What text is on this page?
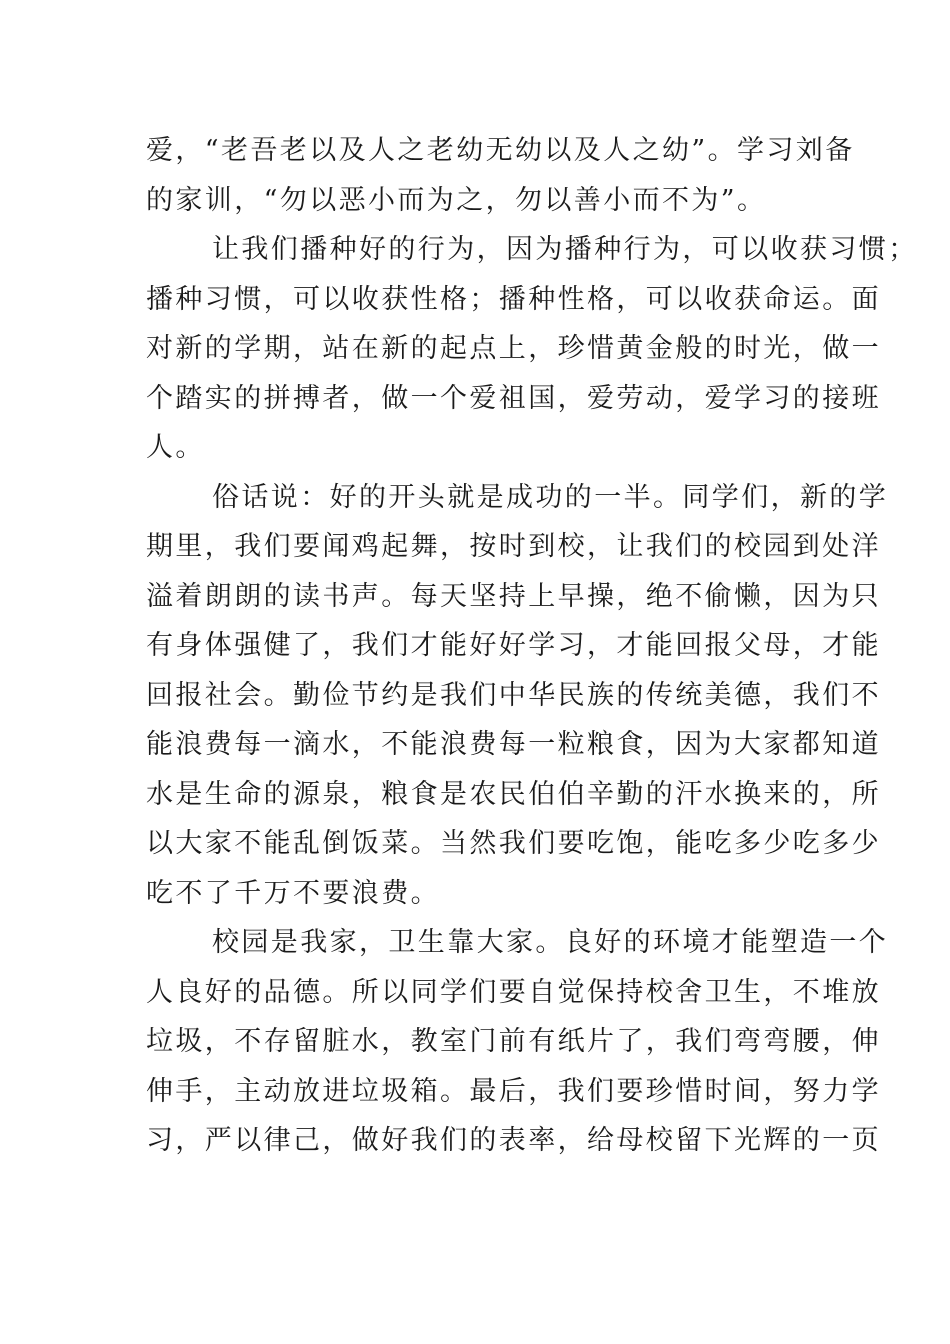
爱，“老吾老以及人之老幼无幼以及人之幼”。学习刘备
的家训，“勿以恶小而为之，勿以善小而不为”。
让我们播种好的行为，因为播种行为，可以收获习惯；
播种习惯，可以收获性格；播种性格，可以收获命运。面
对新的学期，站在新的起点上，珍惜黄金般的时光，做一
个踏实的拼搏者，做一个爱祖国，爱劳动，爱学习的接班
人。
俗话说：好的开头就是成功的一半。同学们，新的学
期里，我们要闻鸡起舞，按时到校，让我们的校园到处洋
溢着朗朗的读书声。每天坚持上早操，绝不偷懒，因为只
有身体强健了，我们才能好好学习，才能回报父母，才能
回报社会。勤俭节约是我们中华民族的传统美德，我们不
能浪费每一滴水，不能浪费每一粒粮食，因为大家都知道
水是生命的源泉，粮食是农民伯伯辛勤的汗水换来的，所
以大家不能乱倒饭菜。当然我们要吃饱，能吃多少吃多少
吃不了千万不要浪费。
校园是我家，卫生靠大家。良好的环境才能塑造一个
人良好的品德。所以同学们要自觉保持校舍卫生，不堆放
垃圾，不存留脏水，教室门前有纸片了，我们弯弯腰，伸
伸手，主动放进垃圾箱。最后，我们要珍惜时间，努力学
习，严以律己，做好我们的表率，给母校留下光辉的一页
